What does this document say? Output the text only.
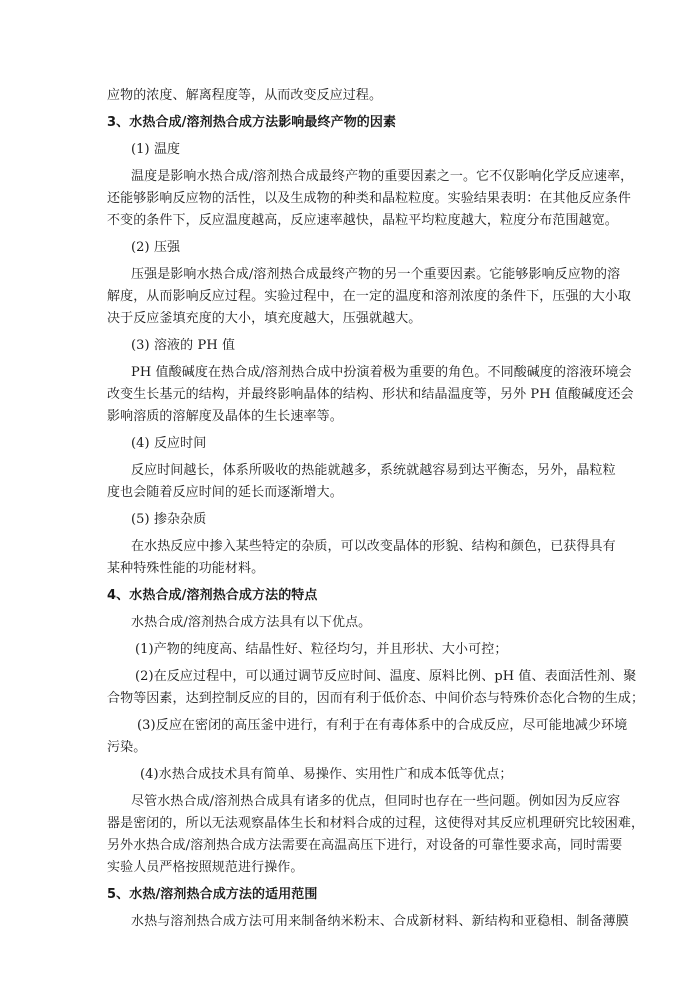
应物的浓度、解离程度等，从而改变反应过程。
3、水热合成/溶剂热合成方法影响最终产物的因素
(1) 温度
温度是影响水热合成/溶剂热合成最终产物的重要因素之一。它不仅影响化学反应速率，
还能够影响反应物的活性，以及生成物的种类和晶粒粒度。实验结果表明：在其他反应条件
不变的条件下，反应温度越高，反应速率越快，晶粒平均粒度越大，粒度分布范围越宽。
(2) 压强
压强是影响水热合成/溶剂热合成最终产物的另一个重要因素。它能够影响反应物的溶
解度，从而影响反应过程。实验过程中，在一定的温度和溶剂浓度的条件下，压强的大小取
决于反应釜填充度的大小，填充度越大，压强就越大。
(3) 溶液的 PH 值
PH 值酸碱度在热合成/溶剂热合成中扮演着极为重要的角色。不同酸碱度的溶液环境会
改变生长基元的结构，并最终影响晶体的结构、形状和结晶温度等，另外 PH 值酸碱度还会
影响溶质的溶解度及晶体的生长速率等。
(4) 反应时间
反应时间越长，体系所吸收的热能就越多，系统就越容易到达平衡态，另外，晶粒粒
度也会随着反应时间的延长而逐渐增大。
(5) 掺杂杂质
在水热反应中掺入某些特定的杂质，可以改变晶体的形貌、结构和颜色，已获得具有
某种特殊性能的功能材料。
4、水热合成/溶剂热合成方法的特点
水热合成/溶剂热合成方法具有以下优点。
(1)产物的纯度高、结晶性好、粒径均匀，并且形状、大小可控；
(2)在反应过程中，可以通过调节反应时间、温度、原料比例、pH 值、表面活性剂、聚
合物等因素，达到控制反应的目的，因而有利于低价态、中间价态与特殊价态化合物的生成；
(3)反应在密闭的高压釜中进行，有利于在有毒体系中的合成反应，尽可能地减少环境
污染。
(4)水热合成技术具有简单、易操作、实用性广和成本低等优点；
尽管水热合成/溶剂热合成具有诸多的优点，但同时也存在一些问题。例如因为反应容
器是密闭的，所以无法观察晶体生长和材料合成的过程，这使得对其反应机理研究比较困难，
另外水热合成/溶剂热合成方法需要在高温高压下进行，对设备的可靠性要求高，同时需要
实验人员严格按照规范进行操作。
5、水热/溶剂热合成方法的适用范围
水热与溶剂热合成方法可用来制备纳米粉末、合成新材料、新结构和亚稳相、制备薄膜
